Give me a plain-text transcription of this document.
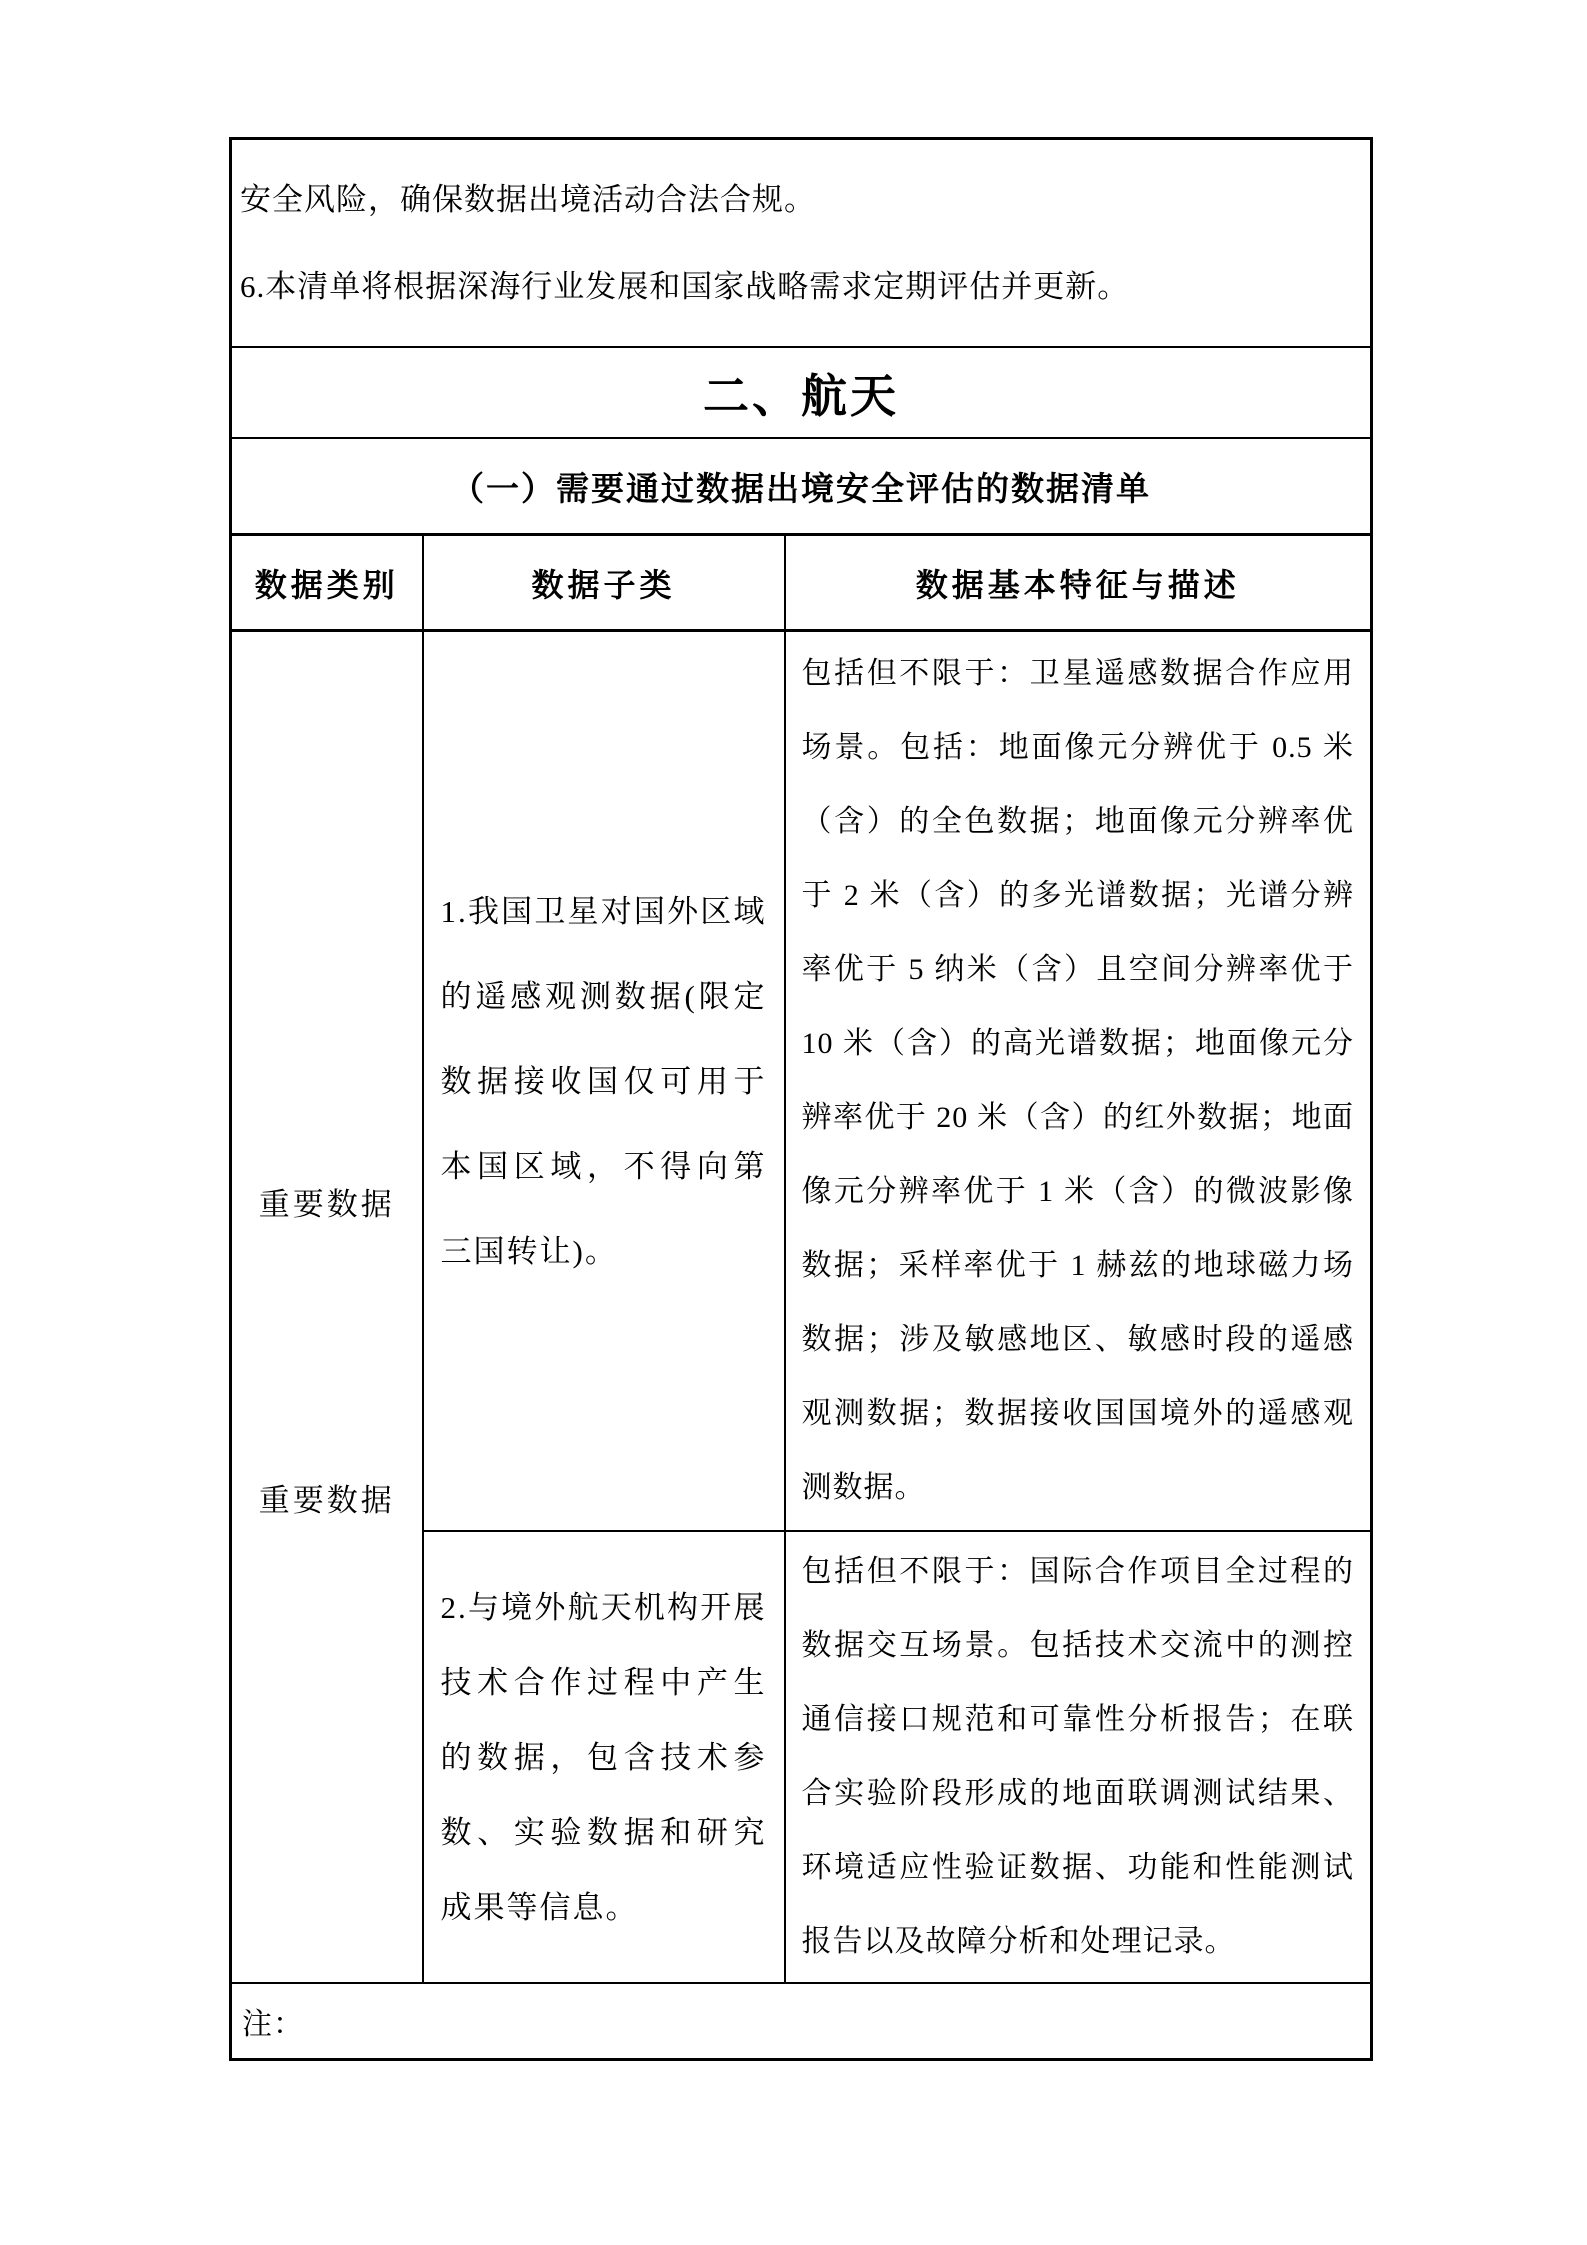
安全风险，确保数据出境活动合法合规。

6.本清单将根据深海行业发展和国家战略需求定期评估并更新。		

二、航天		
（一）需要通过数据出境安全评估的数据清单		
数据类别	数据子类	数据基本特征与描述

重要数据
重要数据	1.我国卫星对国外区域的遥感观测数据(限定数据接收国仅可用于本国区域，不得向第三国转让)。	包括但不限于：卫星遥感数据合作应用场景。包括：地面像元分辨优于 0.5 米（含）的全色数据；地面像元分辨率优于 2 米（含）的多光谱数据；光谱分辨率优于 5 纳米（含）且空间分辨率优于 10 米（含）的高光谱数据；地面像元分辨率优于 20 米（含）的红外数据；地面像元分辨率优于 1 米（含）的微波影像数据；采样率优于 1 赫兹的地球磁力场数据；涉及敏感地区、敏感时段的遥感观测数据；数据接收国国境外的遥感观测数据。

	2.与境外航天机构开展技术合作过程中产生的数据，包含技术参数、实验数据和研究成果等信息。	包括但不限于：国际合作项目全过程的数据交互场景。包括技术交流中的测控通信接口规范和可靠性分析报告；在联合实验阶段形成的地面联调测试结果、环境适应性验证数据、功能和性能测试报告以及故障分析和处理记录。

注：		
